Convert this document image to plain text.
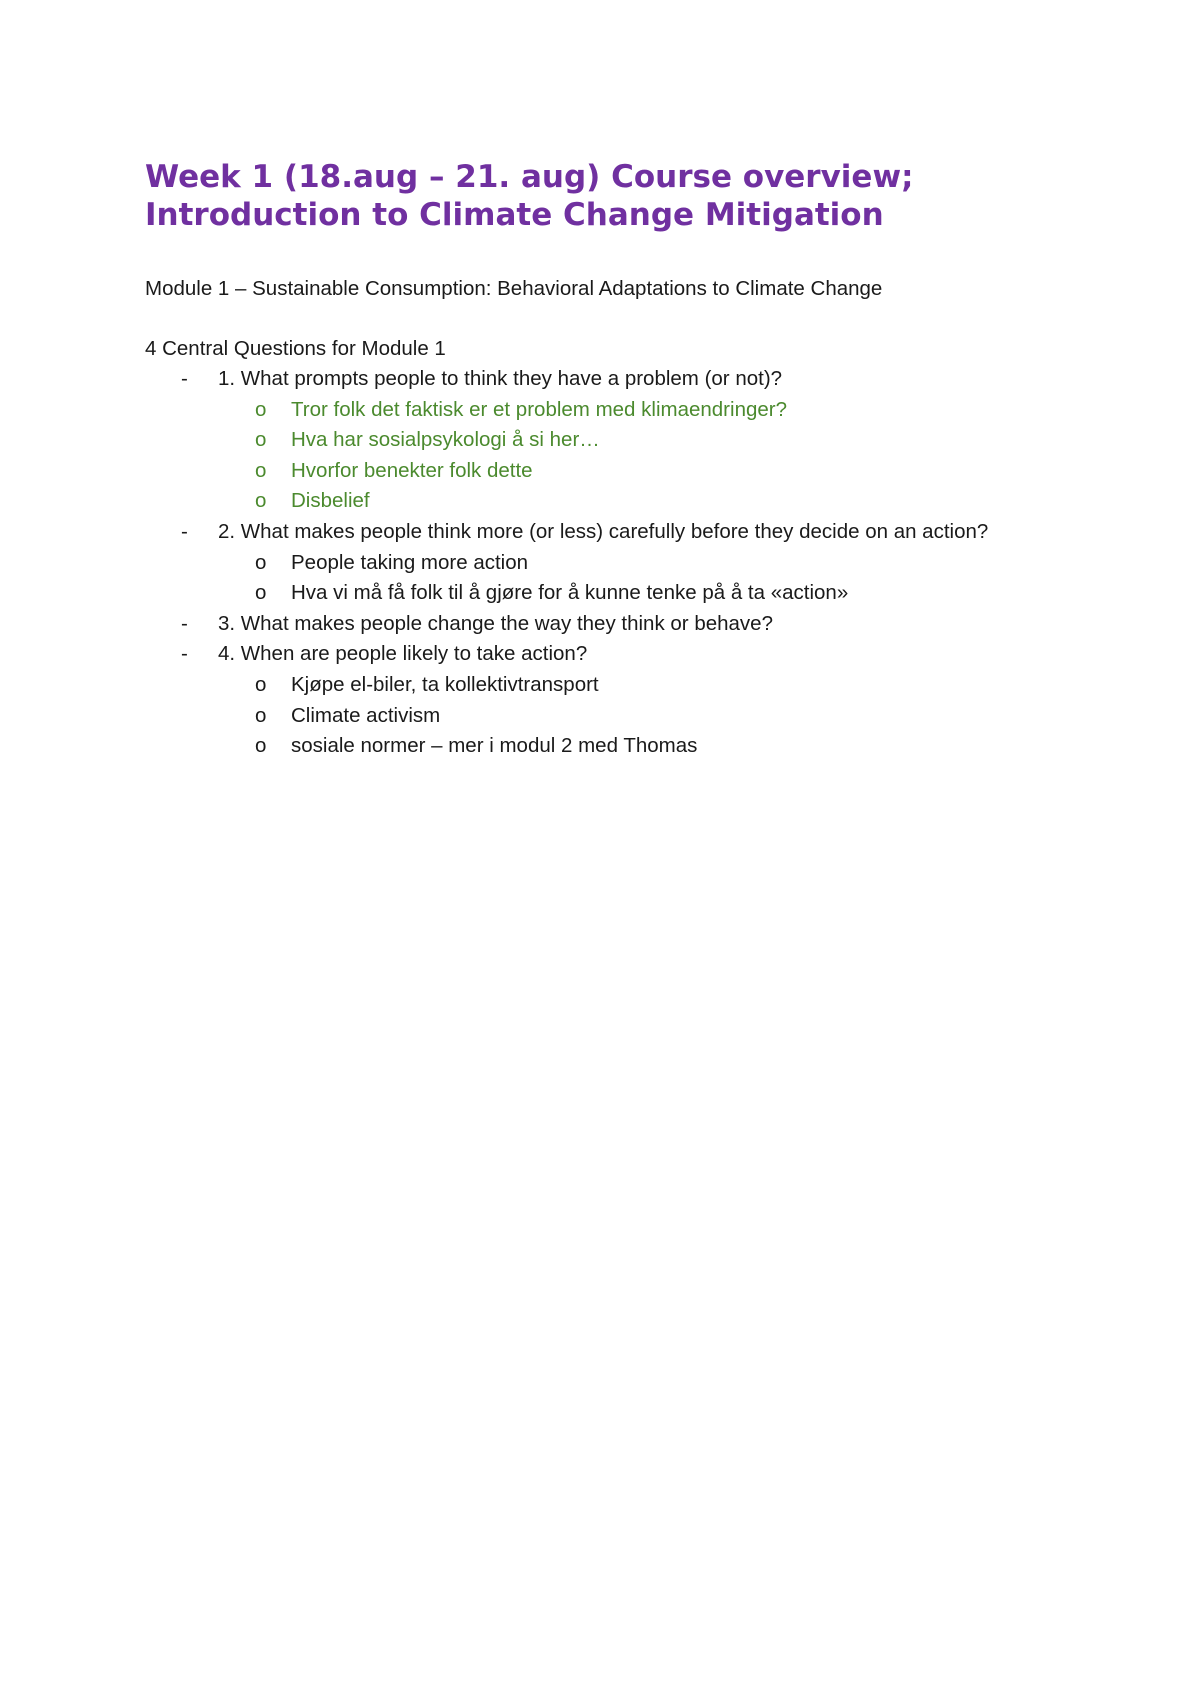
Week 1 (18.aug – 21. aug) Course overview;
Introduction to Climate Change Mitigation

Module 1 – Sustainable Consumption: Behavioral Adaptations to Climate Change

4 Central Questions for Module 1

- 1. What prompts people to think they have a problem (or not)?
o Tror folk det faktisk er et problem med klimaendringer?
o Hva har sosialpsykologi å si her…
o Hvorfor benekter folk dette
o Disbelief
- 2. What makes people think more (or less) carefully before they decide on an action?
o People taking more action
o Hva vi må få folk til å gjøre for å kunne tenke på å ta «action»
- 3. What makes people change the way they think or behave?
- 4. When are people likely to take action?
o Kjøpe el-biler, ta kollektivtransport
o Climate activism
o sosiale normer – mer i modul 2 med Thomas
